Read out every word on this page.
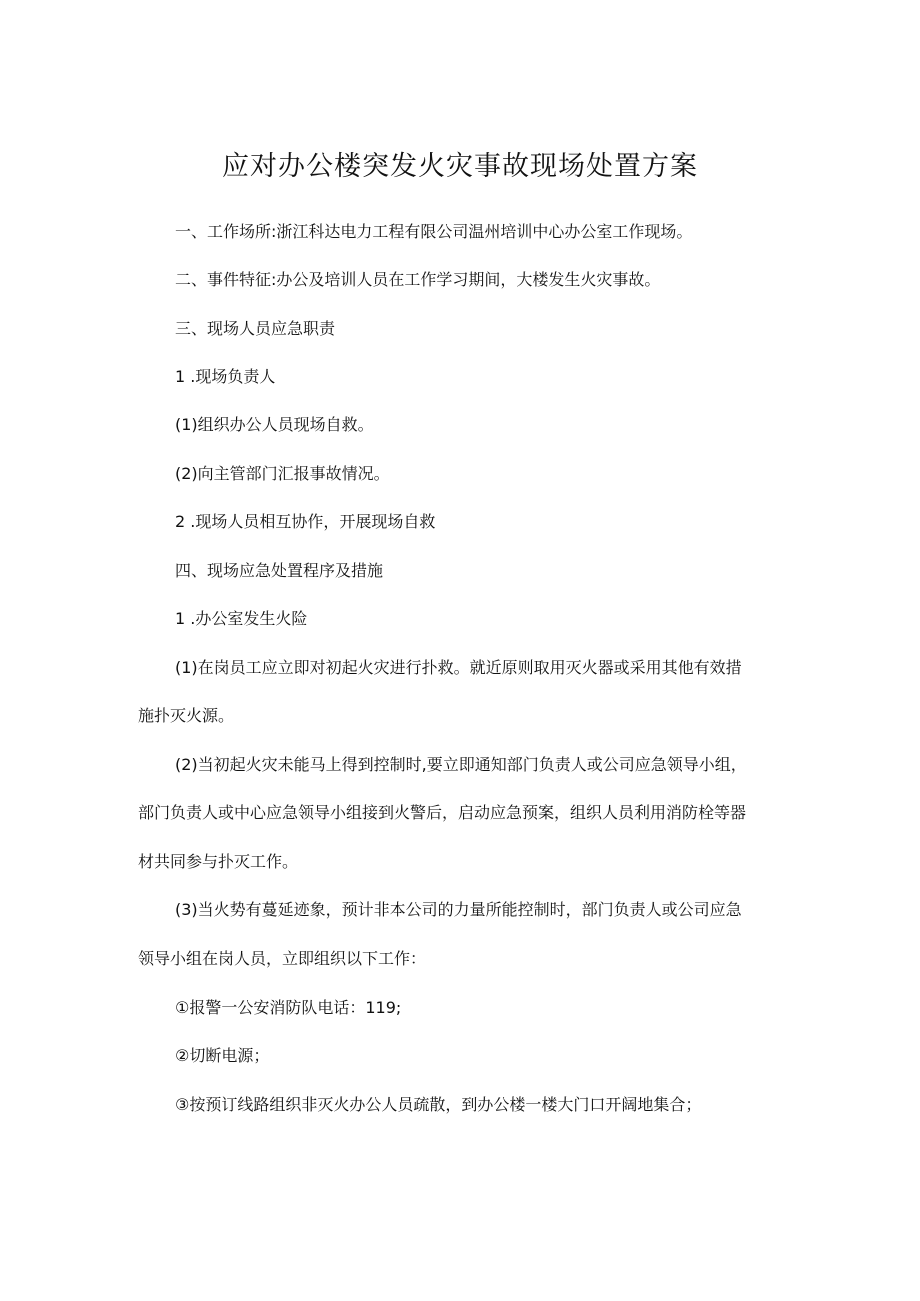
应对办公楼突发火灾事故现场处置方案
一、工作场所:浙江科达电力工程有限公司温州培训中心办公室工作现场。
二、事件特征:办公及培训人员在工作学习期间，大楼发生火灾事故。
三、现场人员应急职责
1 .现场负责人
(1)组织办公人员现场自救。
(2)向主管部门汇报事故情况。
2 .现场人员相互协作，开展现场自救
四、现场应急处置程序及措施
1 .办公室发生火险
(1)在岗员工应立即对初起火灾进行扑救。就近原则取用灭火器或采用其他有效措
施扑灭火源。
(2)当初起火灾未能马上得到控制时,要立即通知部门负责人或公司应急领导小组，
部门负责人或中心应急领导小组接到火警后，启动应急预案，组织人员利用消防栓等器
材共同参与扑灭工作。
(3)当火势有蔓延迹象，预计非本公司的力量所能控制时，部门负责人或公司应急
领导小组在岗人员，立即组织以下工作：
①报警一公安消防队电话：119;
②切断电源；
③按预订线路组织非灭火办公人员疏散，到办公楼一楼大门口开阔地集合；
